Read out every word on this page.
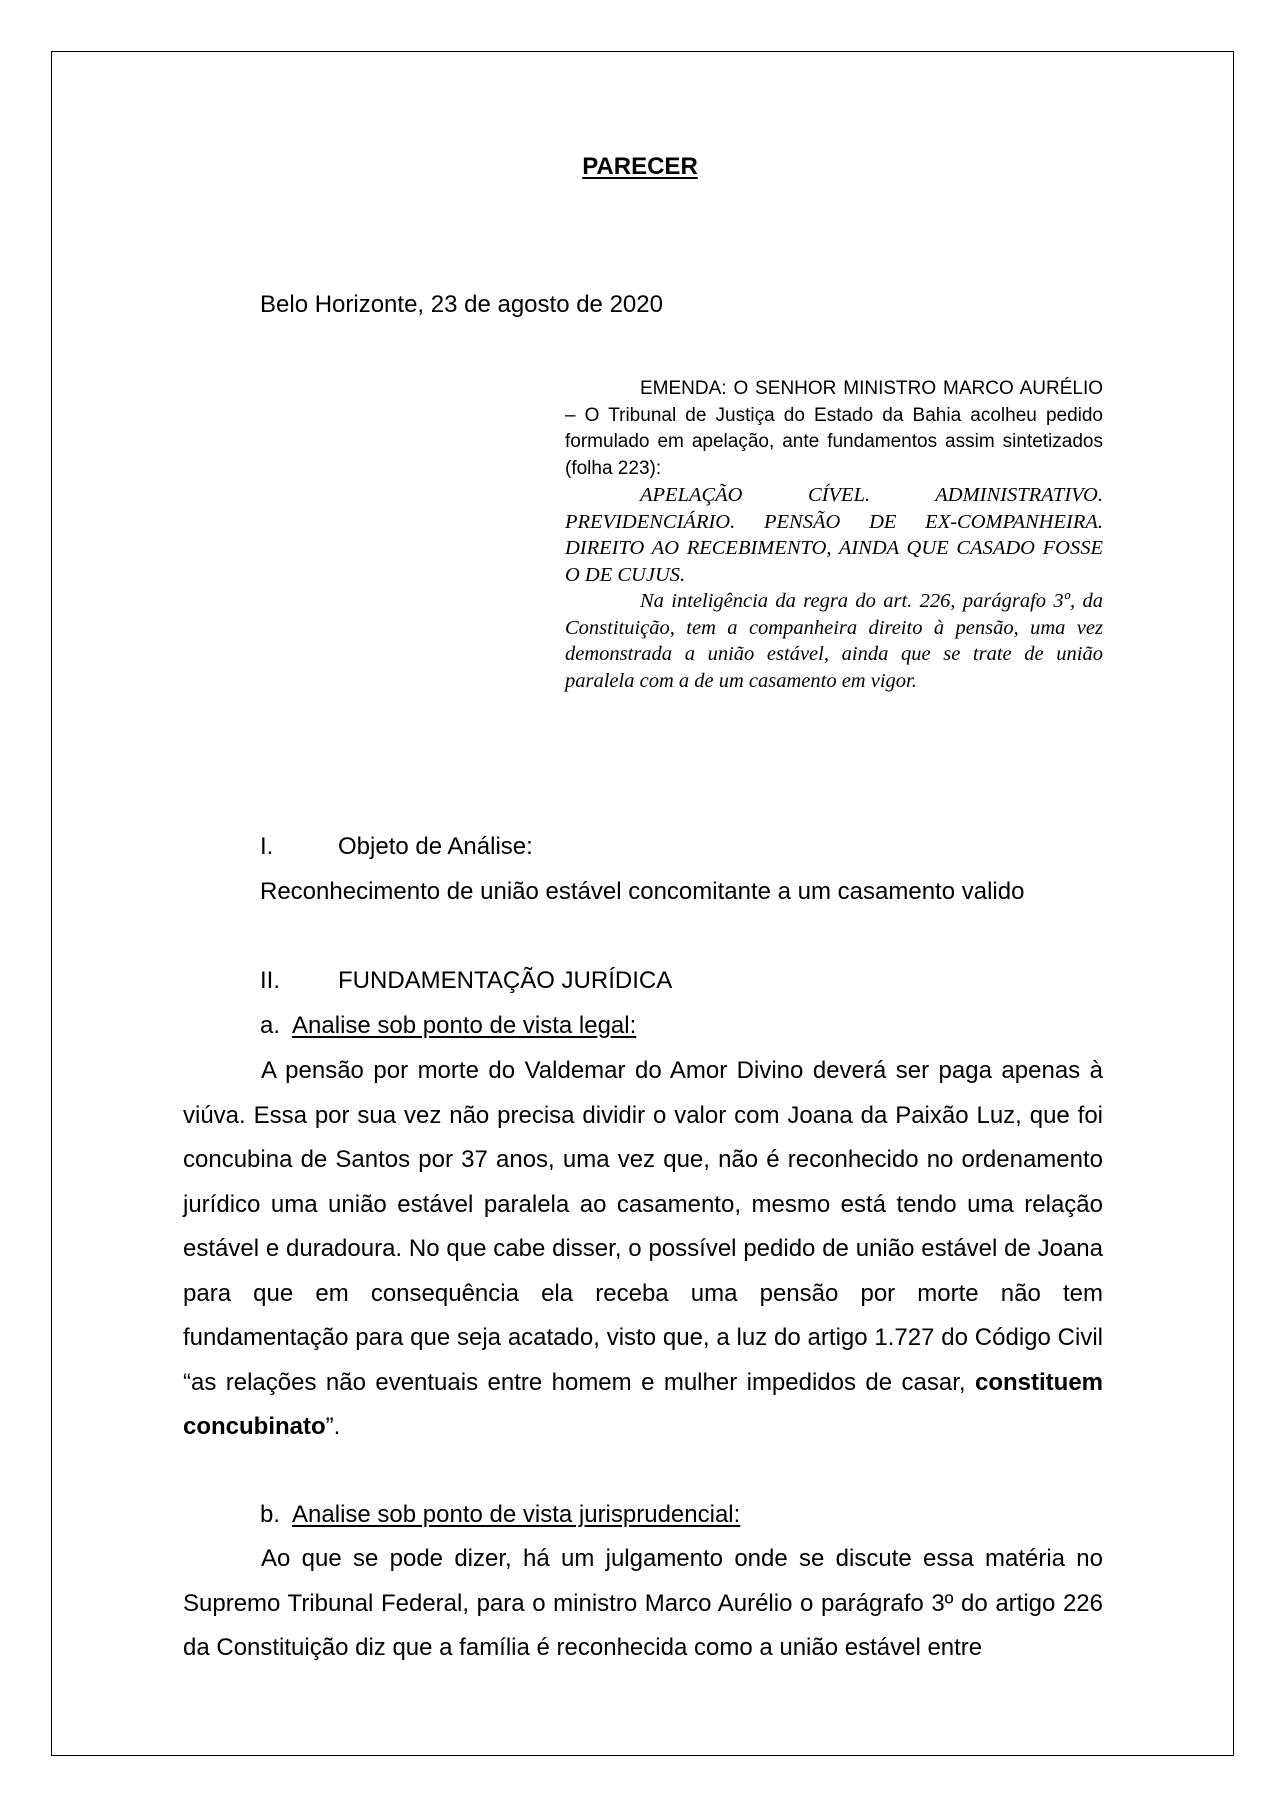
PARECER
Belo Horizonte, 23 de agosto de 2020

EMENDA: O SENHOR MINISTRO MARCO AURÉLIO – O Tribunal de Justiça do Estado da Bahia acolheu pedido formulado em apelação, ante fundamentos assim sintetizados (folha 223):

APELAÇÃO CÍVEL. ADMINISTRATIVO. PREVIDENCIÁRIO. PENSÃO DE EX-COMPANHEIRA. DIREITO AO RECEBIMENTO, AINDA QUE CASADO FOSSE O DE CUJUS.

Na inteligência da regra do art. 226, parágrafo 3º, da Constituição, tem a companheira direito à pensão, uma vez demonstrada a união estável, ainda que se trate de união paralela com a de um casamento em vigor.

I.	Objeto de Análise:
Reconhecimento de união estável concomitante a um casamento valido
II. FUNDAMENTAÇÃO JURÍDICA
a. Analise sob ponto de vista legal:
A pensão por morte do Valdemar do Amor Divino deverá ser paga apenas à viúva. Essa por sua vez não precisa dividir o valor com Joana da Paixão Luz, que foi concubina de Santos por 37 anos, uma vez que, não é reconhecido no ordenamento jurídico uma união estável paralela ao casamento, mesmo está tendo uma relação estável e duradoura. No que cabe disser, o possível pedido de união estável de Joana para que em consequência ela receba uma pensão por morte não tem fundamentação para que seja acatado, visto que, a luz do artigo 1.727 do Código Civil “as relações não eventuais entre homem e mulher impedidos de casar, constituem concubinato”.
b. Analise sob ponto de vista jurisprudencial:
Ao que se pode dizer, há um julgamento onde se discute essa matéria no Supremo Tribunal Federal, para o ministro Marco Aurélio o parágrafo 3º do artigo 226 da Constituição diz que a família é reconhecida como a união estável entre
